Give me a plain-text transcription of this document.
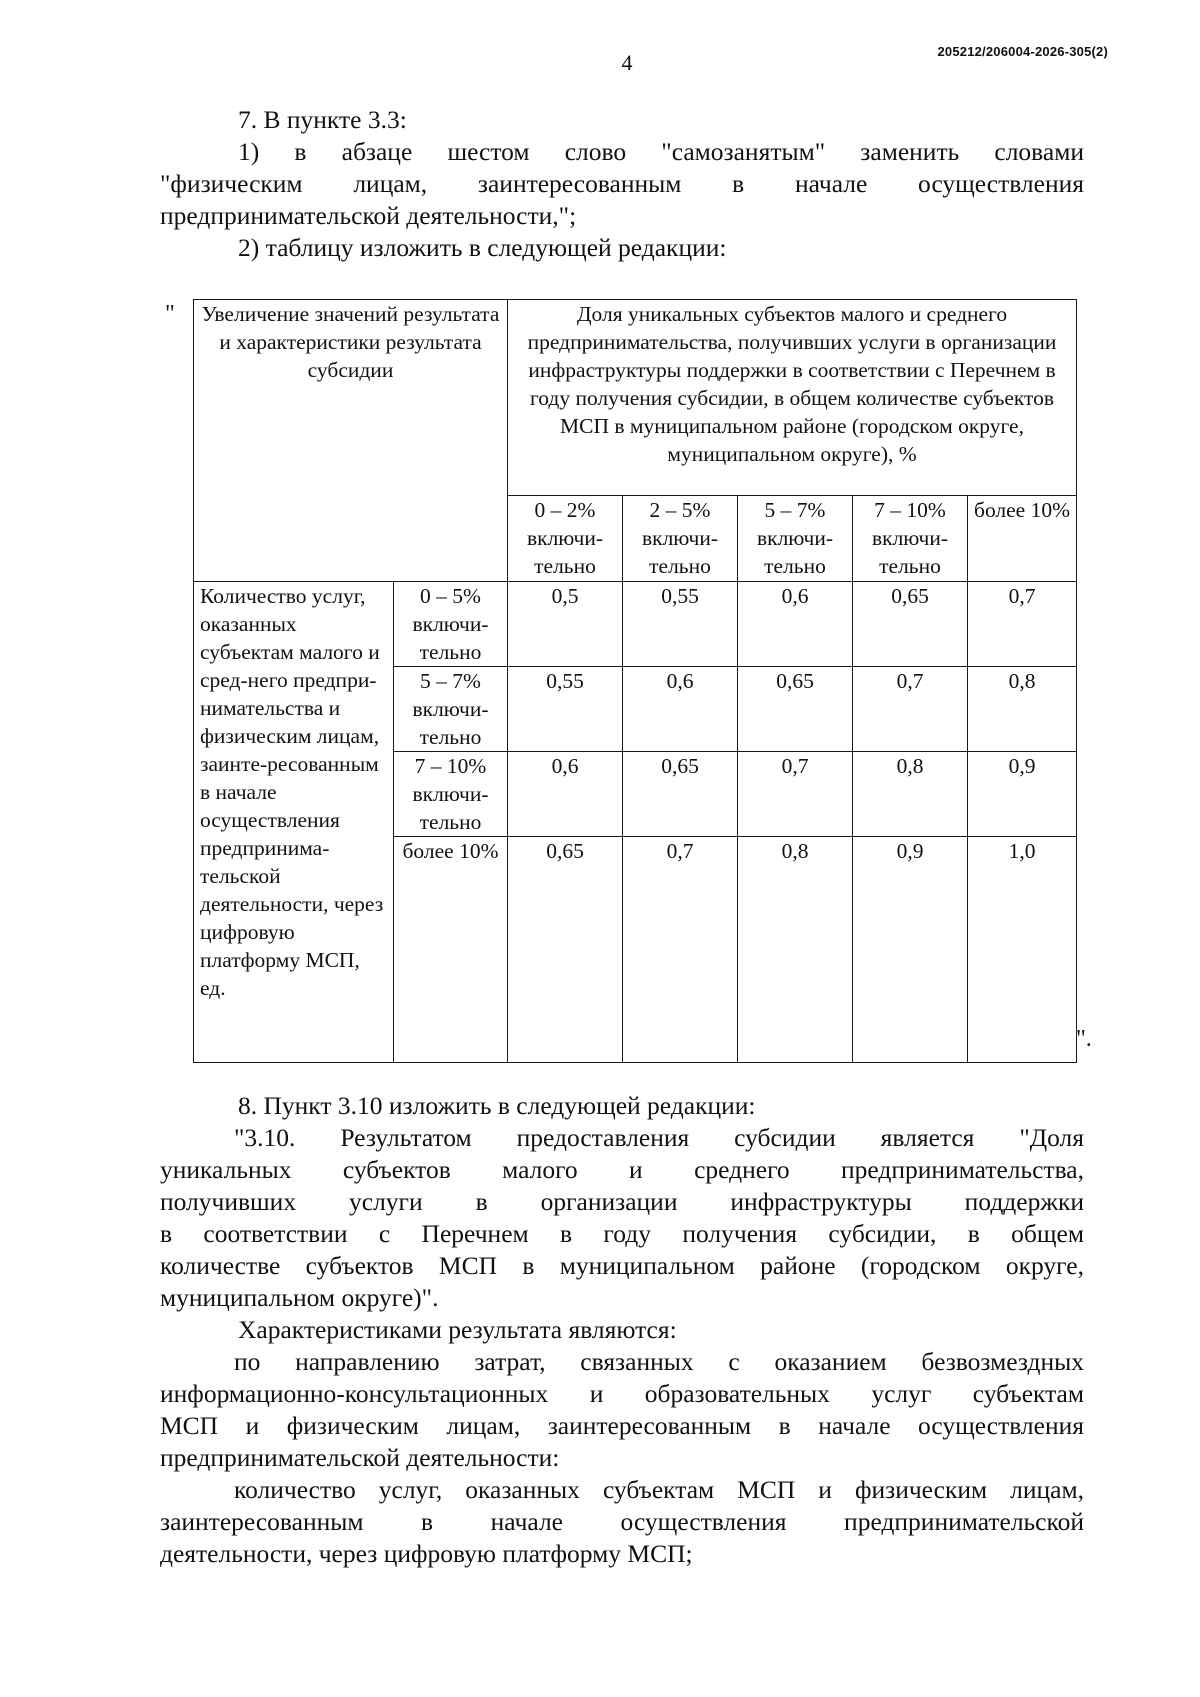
4	205212/206004-2026-305(2)

7. В пункте 3.3:

1) в абзаце шестом слово "самозанятым" заменить словами

"физическим лицам, заинтересованным в начале осуществления

предпринимательской деятельности,";

2) таблицу изложить в следующей редакции:

" Увеличение значений результата и характеристики результата субсидии		Доля уникальных субъектов малого и среднего предпринимательства, получивших услуги в организации инфраструктуры поддержки в соответствии с Перечнем в году получения субсидии, в общем количестве субъектов МСП в муниципальном районе (городском округе, муниципальном округе), %				
		0 – 2% включи-тельно	2 – 5% включи-тельно	5 – 7% включи-тельно	7 – 10% включи-тельно	более 10%
Количество услуг, оказанных субъектам малого и сред-него предпри-нимательства и физическим лицам, заинте-ресованным в начале осуществления предпринима-тельской деятельности, через цифровую платформу МСП, ед.	0 – 5% включи-тельно	0,5	0,55	0,6	0,65	0,7
	5 – 7% включи-тельно	0,55	0,6	0,65	0,7	0,8
	7 – 10% включи-тельно	0,6	0,65	0,7	0,8	0,9
	более 10%	0,65	0,7	0,8	0,9	1,0
".

8. Пункт 3.10 изложить в следующей редакции:

"3.10. Результатом предоставления субсидии является "Доля

уникальных субъектов малого и среднего предпринимательства,

получивших услуги в организации инфраструктуры поддержки

в соответствии с Перечнем в году получения субсидии, в общем

количестве субъектов МСП в муниципальном районе (городском округе,

муниципальном округе)".

Характеристиками результата являются:

по направлению затрат, связанных с оказанием безвозмездных

информационно-консультационных и образовательных услуг субъектам

МСП и физическим лицам, заинтересованным в начале осуществления

предпринимательской деятельности:

количество услуг, оказанных субъектам МСП и физическим лицам,

заинтересованным в начале осуществления предпринимательской

деятельности, через цифровую платформу МСП;
